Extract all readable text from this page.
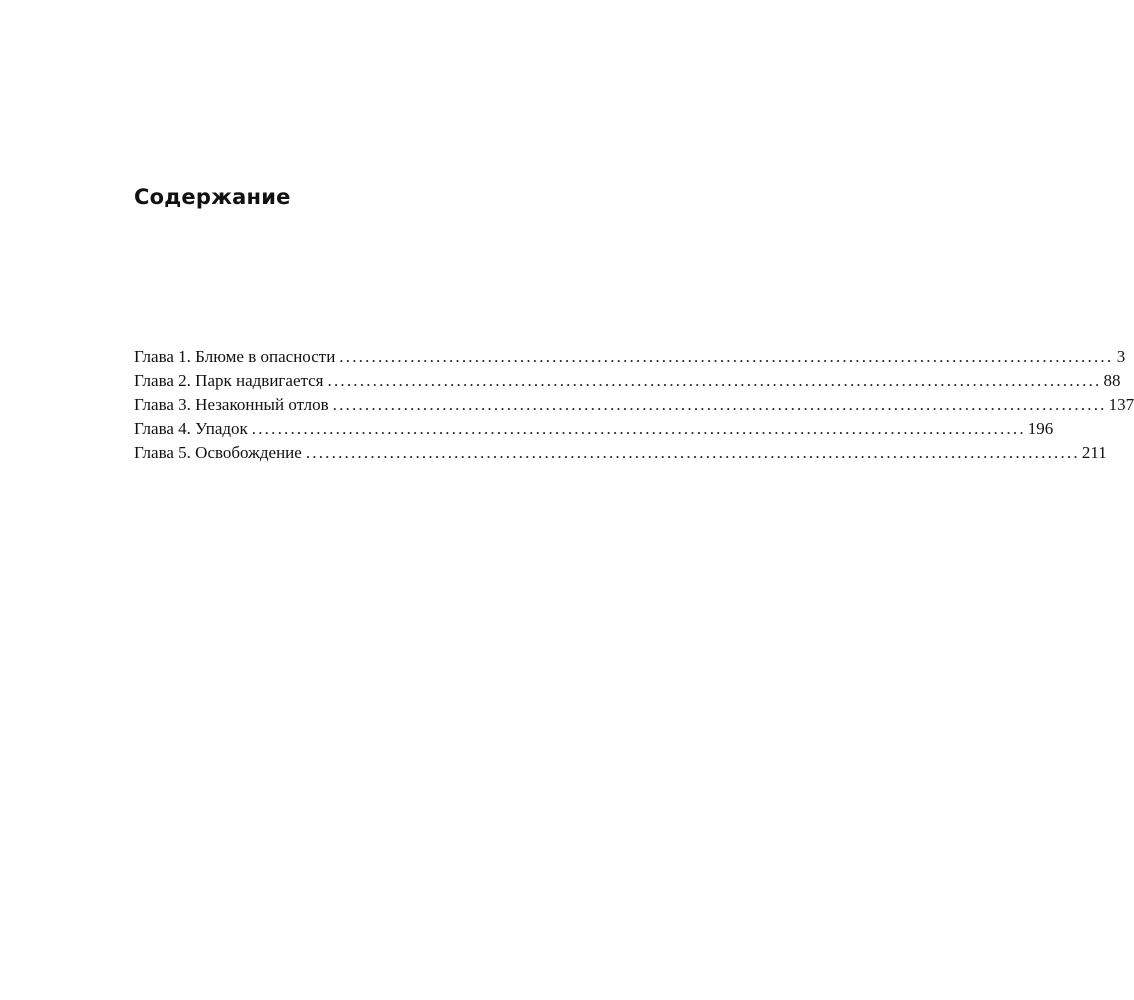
Содержание
Глава 1. Блюме в опасности ........................................................................................................................ 3
Глава 2. Парк надвигается ........................................................................................................................ 88
Глава 3. Незаконный отлов ........................................................................................................................ 137
Глава 4. Упадок ........................................................................................................................ 196
Глава 5. Освобождение ........................................................................................................................ 211
